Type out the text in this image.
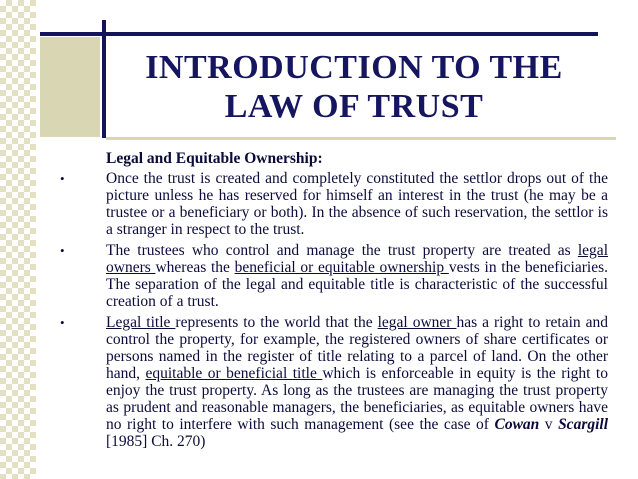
INTRODUCTION TO THE
LAW OF TRUST
Legal and Equitable Ownership:
•	Once the trust is created and completely constituted the settlor drops out of the picture unless he has reserved for himself an interest in the trust (he may be a trustee or a beneficiary or both). In the absence of such reservation, the settlor is a stranger in respect to the trust.
•	The trustees who control and manage the trust property are treated as legal owners whereas the beneficial or equitable ownership vests in the beneficiaries. The separation of the legal and equitable title is characteristic of the successful creation of a trust.
•	Legal title represents to the world that the legal owner has a right to retain and control the property, for example, the registered owners of share certificates or persons named in the register of title relating to a parcel of land. On the other hand, equitable or beneficial title which is enforceable in equity is the right to enjoy the trust property. As long as the trustees are managing the trust property as prudent and reasonable managers, the beneficiaries, as equitable owners have no right to interfere with such management (see the case of Cowan v Scargill [1985] Ch. 270)
